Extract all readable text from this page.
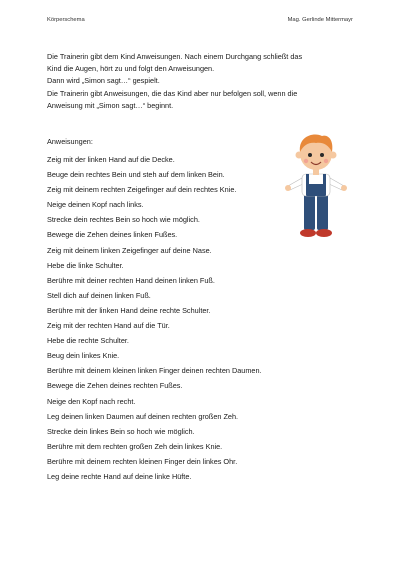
Körperschema	Mag. Gerlinde Mittermayr

Die Trainerin gibt dem Kind Anweisungen. Nach einem Durchgang schließt das

Kind die Augen, hört zu und folgt den Anweisungen.

Dann wird „Simon sagt…“ gespielt.

Die Trainerin gibt Anweisungen, die das Kind aber nur befolgen soll, wenn die

Anweisung mit „Simon sagt…“ beginnt.

Anweisungen:
Zeig mit der linken Hand auf die Decke.
Beuge dein rechtes Bein und steh auf dem linken Bein.
Zeig mit deinem rechten Zeigefinger auf dein rechtes Knie.
Neige deinen Kopf nach links.
Strecke dein rechtes Bein so hoch wie möglich.
Bewege die Zehen deines linken Fußes.
Zeig mit deinem linken Zeigefinger auf deine Nase.
Hebe die linke Schulter.
Berühre mit deiner rechten Hand deinen linken Fuß.
Stell dich auf deinen linken Fuß.
Berühre mit der linken Hand deine rechte Schulter.
Zeig mit der rechten Hand auf die Tür.
Hebe die rechte Schulter.
Beug dein linkes Knie.
Berühre mit deinem kleinen linken Finger deinen rechten Daumen.
Bewege die Zehen deines rechten Fußes.
Neige den Kopf nach recht.
Leg deinen linken Daumen auf deinen rechten großen Zeh.
Strecke dein linkes Bein so hoch wie möglich.
Berühre mit dem rechten großen Zeh dein linkes Knie.
Berühre mit deinem rechten kleinen Finger dein linkes Ohr.
Leg deine rechte Hand auf deine linke Hüfte.
